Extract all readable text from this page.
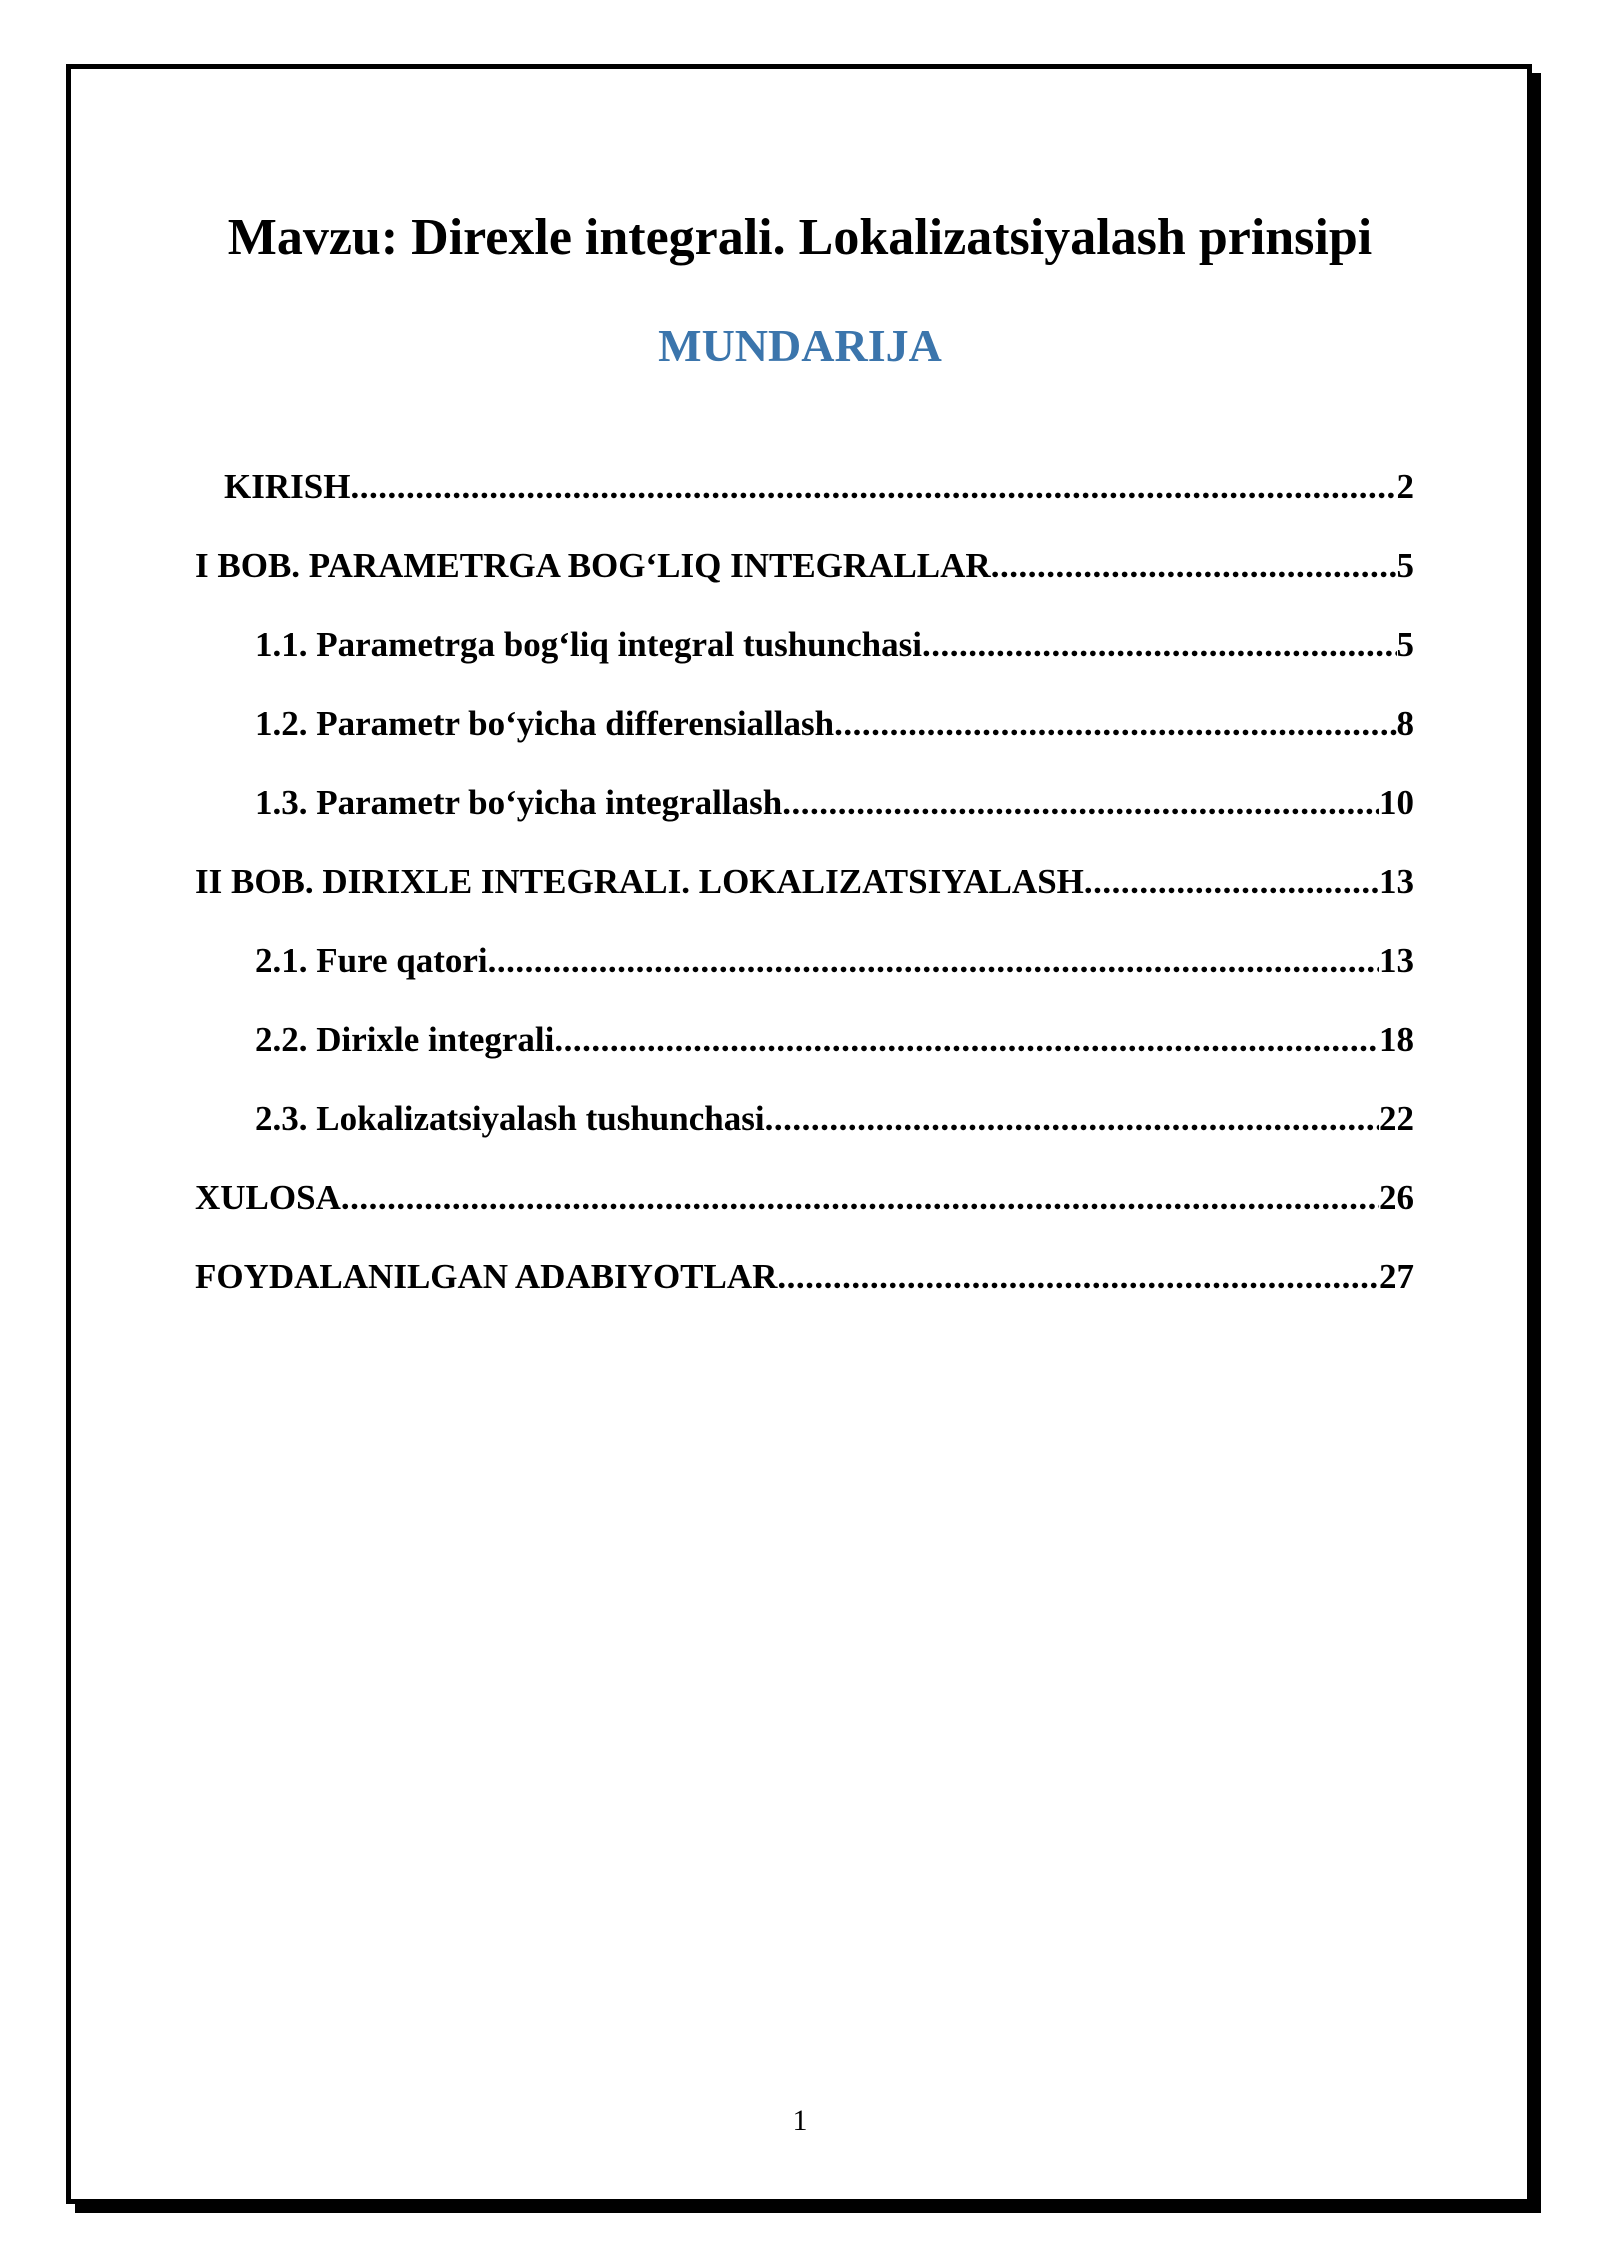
Mavzu: Direxle integrali. Lokalizatsiyalash prinsipi
MUNDARIJA
KIRISH .....	2
I BOB. PARAMETRGA BOG‘LIQ INTEGRALLAR .....	5
1.1. Parametrga bog‘liq integral tushunchasi .....	5
1.2. Parametr bo‘yicha differensiallash .....	8
1.3. Parametr bo‘yicha integrallash .....	10
II BOB. DIRIXLE INTEGRALI. LOKALIZATSIYALASH .....	13
2.1. Fure qatori .....	13
2.2. Dirixle integrali .....	18
2.3. Lokalizatsiyalash tushunchasi .....	22
XULOSA .....	26
FOYDALANILGAN ADABIYOTLAR .....	27
1
